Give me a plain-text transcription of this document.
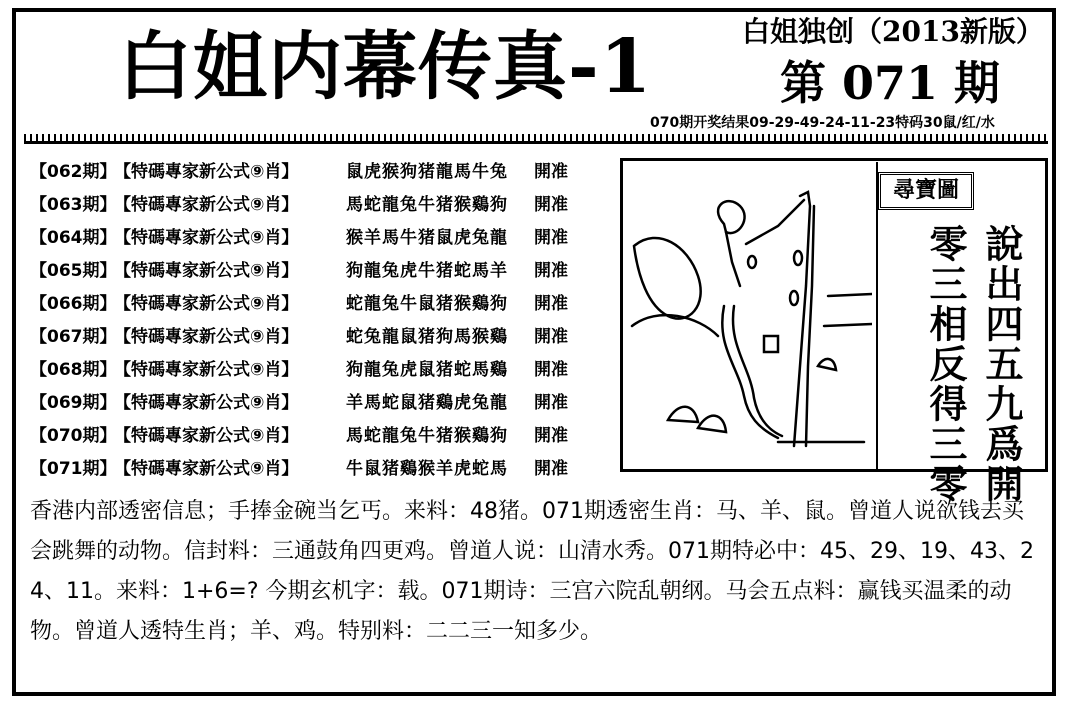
白姐内幕传真-1	白姐独创（2013新版）
第 071 期
070期开奖结果09-29-49-24-11-23特码30鼠/红/水
【062期】【特碼專家新公式⑨肖】	鼠虎猴狗猪龍馬牛兔 開准
【063期】【特碼專家新公式⑨肖】	馬蛇龍兔牛猪猴鷄狗 開准
【064期】【特碼專家新公式⑨肖】	猴羊馬牛猪鼠虎兔龍 開准
【065期】【特碼專家新公式⑨肖】	狗龍兔虎牛猪蛇馬羊 開准
【066期】【特碼專家新公式⑨肖】	蛇龍兔牛鼠猪猴鷄狗 開准
【067期】【特碼專家新公式⑨肖】	蛇兔龍鼠猪狗馬猴鷄 開准
【068期】【特碼專家新公式⑨肖】	狗龍兔虎鼠猪蛇馬鷄 開准
【069期】【特碼專家新公式⑨肖】	羊馬蛇鼠猪鷄虎兔龍 開准
【070期】【特碼專家新公式⑨肖】	馬蛇龍兔牛猪猴鷄狗 開准
【071期】【特碼專家新公式⑨肖】	牛鼠猪鷄猴羊虎蛇馬 開准
尋寶圖
說出四五九爲開
零三相反得三零
香港内部透密信息；手捧金碗当乞丐。来料：48猪。071期透密生肖：马、羊、鼠。曾道人说欲钱去买会跳舞的动物。信封料：三通鼓角四更鸡。曾道人说：山清水秀。071期特必中：45、29、19、43、24、11。来料：1+6=? 今期玄机字：载。071期诗：三宫六院乱朝纲。马会五点料：赢钱买温柔的动物。曾道人透特生肖；羊、鸡。特别料：二二三一知多少。
